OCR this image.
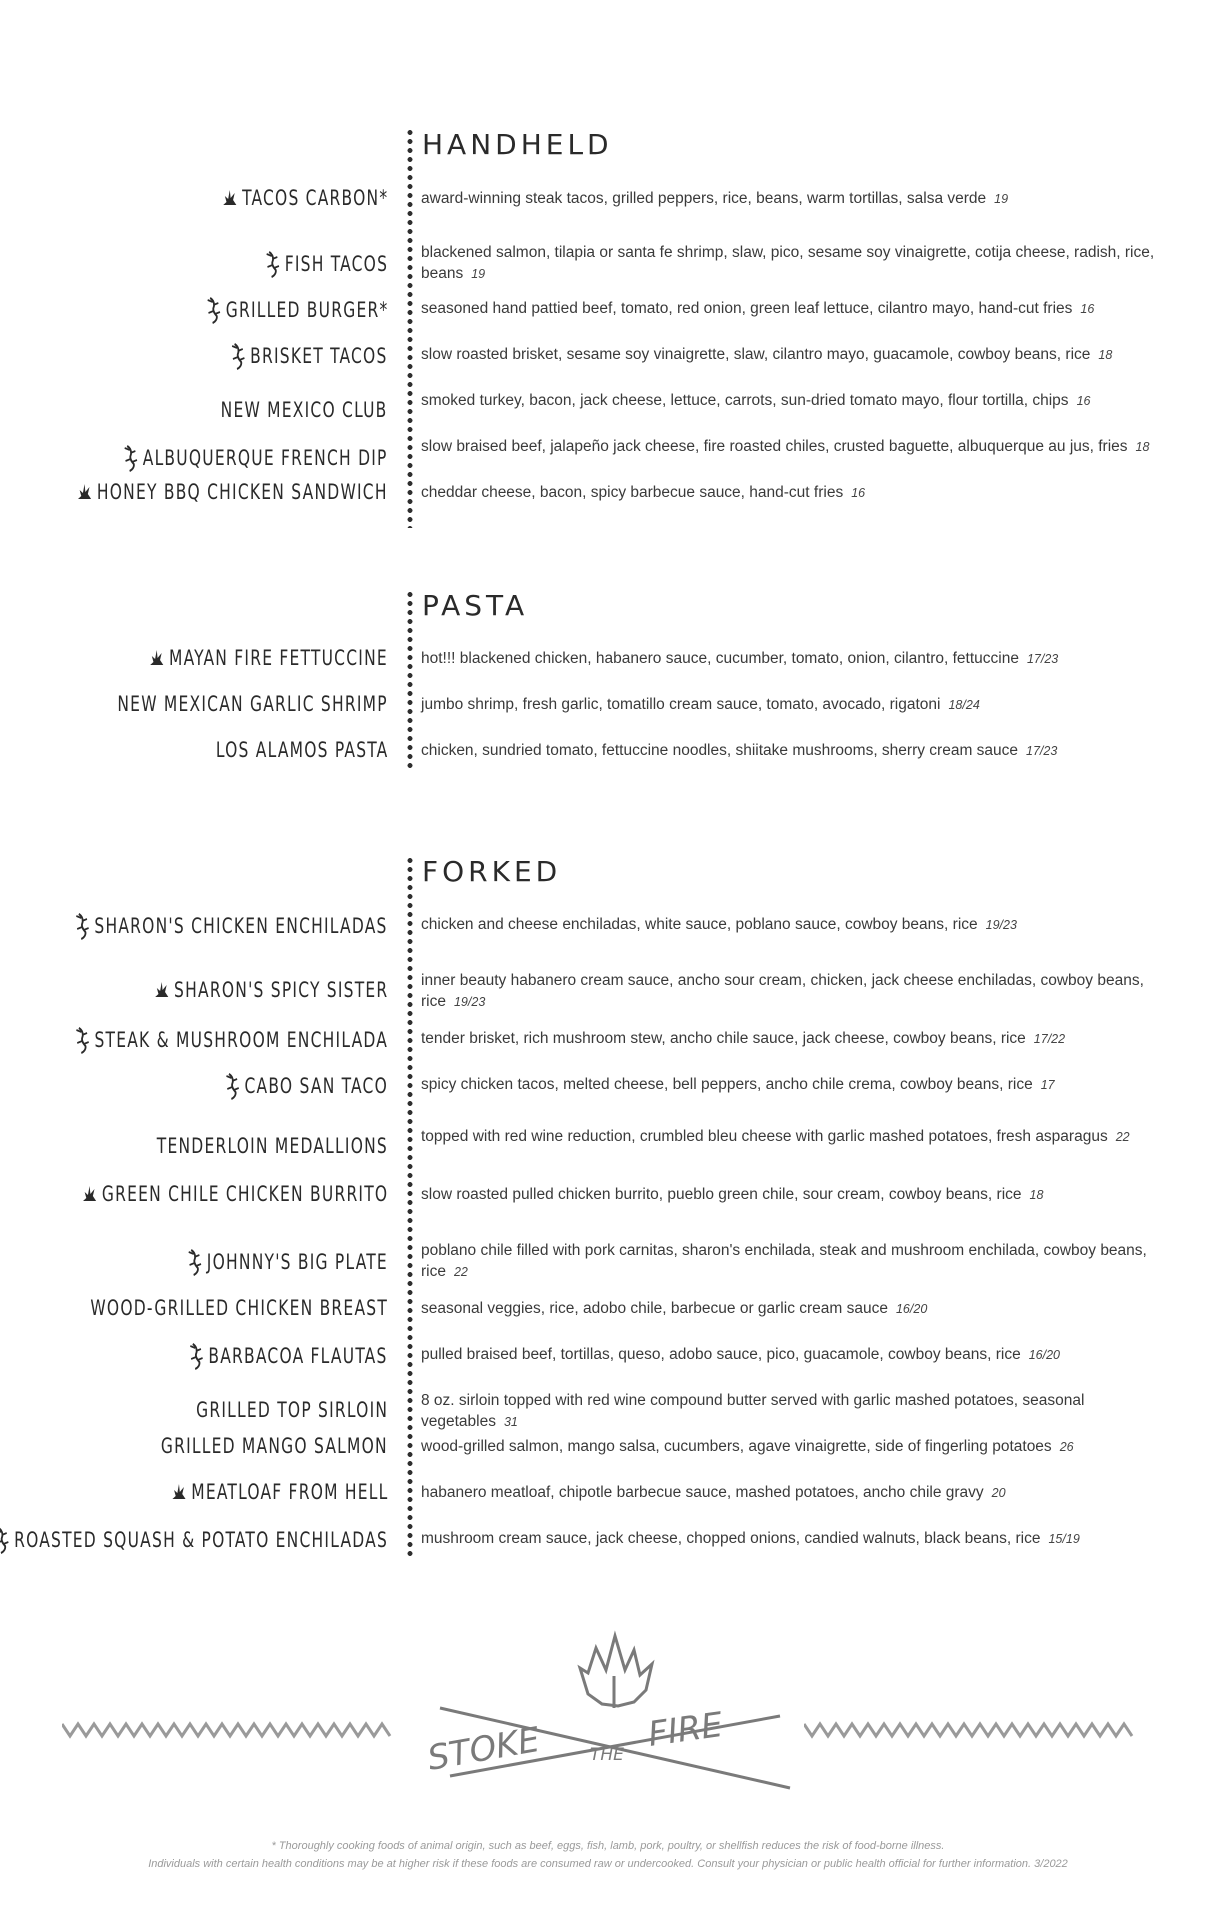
HANDHELD
TACOS CARBON* award-winning steak tacos, grilled peppers, rice, beans, warm tortillas, salsa verde 19
FISH TACOS blackened salmon, tilapia or santa fe shrimp, slaw, pico, sesame soy vinaigrette, cotija cheese, radish, rice, beans 19
GRILLED BURGER* seasoned hand pattied beef, tomato, red onion, green leaf lettuce, cilantro mayo, hand-cut fries 16
BRISKET TACOS slow roasted brisket, sesame soy vinaigrette, slaw, cilantro mayo, guacamole, cowboy beans, rice 18
NEW MEXICO CLUB smoked turkey, bacon, jack cheese, lettuce, carrots, sun-dried tomato mayo, flour tortilla, chips 16
ALBUQUERQUE FRENCH DIP slow braised beef, jalapeño jack cheese, fire roasted chiles, crusted baguette, albuquerque au jus, fries 18
HONEY BBQ CHICKEN SANDWICH cheddar cheese, bacon, spicy barbecue sauce, hand-cut fries 16
PASTA
MAYAN FIRE FETTUCCINE hot!!! blackened chicken, habanero sauce, cucumber, tomato, onion, cilantro, fettuccine 17/23
NEW MEXICAN GARLIC SHRIMP jumbo shrimp, fresh garlic, tomatillo cream sauce, tomato, avocado, rigatoni 18/24
LOS ALAMOS PASTA chicken, sundried tomato, fettuccine noodles, shiitake mushrooms, sherry cream sauce 17/23
FORKED
SHARON'S CHICKEN ENCHILADAS chicken and cheese enchiladas, white sauce, poblano sauce, cowboy beans, rice 19/23
SHARON'S SPICY SISTER inner beauty habanero cream sauce, ancho sour cream, chicken, jack cheese enchiladas, cowboy beans, rice 19/23
STEAK & MUSHROOM ENCHILADA tender brisket, rich mushroom stew, ancho chile sauce, jack cheese, cowboy beans, rice 17/22
CABO SAN TACO spicy chicken tacos, melted cheese, bell peppers, ancho chile crema, cowboy beans, rice 17
TENDERLOIN MEDALLIONS topped with red wine reduction, crumbled bleu cheese with garlic mashed potatoes, fresh asparagus 22
GREEN CHILE CHICKEN BURRITO slow roasted pulled chicken burrito, pueblo green chile, sour cream, cowboy beans, rice 18
JOHNNY'S BIG PLATE poblano chile filled with pork carnitas, sharon's enchilada, steak and mushroom enchilada, cowboy beans, rice 22
WOOD-GRILLED CHICKEN BREAST seasonal veggies, rice, adobo chile, barbecue or garlic cream sauce 16/20
BARBACOA FLAUTAS pulled braised beef, tortillas, queso, adobo sauce, pico, guacamole, cowboy beans, rice 16/20
GRILLED TOP SIRLOIN 8 oz. sirloin topped with red wine compound butter served with garlic mashed potatoes, seasonal vegetables 31
GRILLED MANGO SALMON wood-grilled salmon, mango salsa, cucumbers, agave vinaigrette, side of fingerling potatoes 26
MEATLOAF FROM HELL habanero meatloaf, chipotle barbecue sauce, mashed potatoes, ancho chile gravy 20
ROASTED SQUASH & POTATO ENCHILADAS mushroom cream sauce, jack cheese, chopped onions, candied walnuts, black beans, rice 15/19
STOKE	THE
FIRE
* Thoroughly cooking foods of animal origin, such as beef, eggs, fish, lamb, pork, poultry, or shellfish reduces the risk of food-borne illness.
Individuals with certain health conditions may be at higher risk if these foods are consumed raw or undercooked. Consult your physician or public health official for further information. 3/2022
